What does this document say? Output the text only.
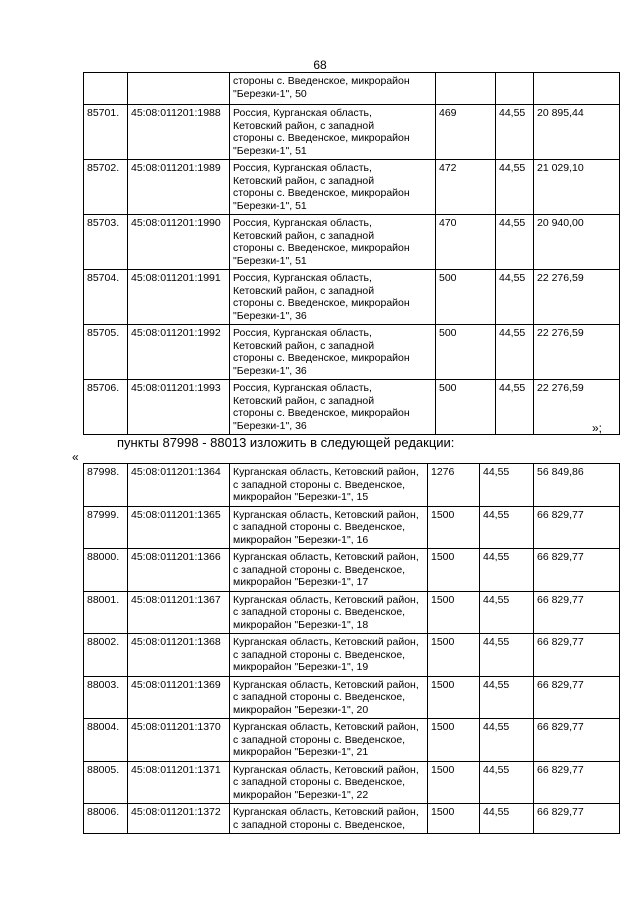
68
		стороны с. Введенское, микрорайон
"Березки-1", 50			
85701.	45:08:011201:1988	Россия, Курганская область,
Кетовский район, с западной
стороны с. Введенское, микрорайон
"Березки-1", 51	469	44,55	20 895,44
85702.	45:08:011201:1989	Россия, Курганская область,
Кетовский район, с западной
стороны с. Введенское, микрорайон
"Березки-1", 51	472	44,55	21 029,10
85703.	45:08:011201:1990	Россия, Курганская область,
Кетовский район, с западной
стороны с. Введенское, микрорайон
"Березки-1", 51	470	44,55	20 940,00
85704.	45:08:011201:1991	Россия, Курганская область,
Кетовский район, с западной
стороны с. Введенское, микрорайон
"Березки-1", 36	500	44,55	22 276,59
85705.	45:08:011201:1992	Россия, Курганская область,
Кетовский район, с западной
стороны с. Введенское, микрорайон
"Березки-1", 36	500	44,55	22 276,59
85706.	45:08:011201:1993	Россия, Курганская область,
Кетовский район, с западной
стороны с. Введенское, микрорайон
"Березки-1", 36	500	44,55	22 276,59
»;
пункты 87998 - 88013 изложить в следующей редакции:
«
87998.	45:08:011201:1364	Курганская область, Кетовский район,
с западной стороны с. Введенское,
микрорайон "Березки-1", 15	1276	44,55	56 849,86
87999.	45:08:011201:1365	Курганская область, Кетовский район,
с западной стороны с. Введенское,
микрорайон "Березки-1", 16	1500	44,55	66 829,77
88000.	45:08:011201:1366	Курганская область, Кетовский район,
с западной стороны с. Введенское,
микрорайон "Березки-1", 17	1500	44,55	66 829,77
88001.	45:08:011201:1367	Курганская область, Кетовский район,
с западной стороны с. Введенское,
микрорайон "Березки-1", 18	1500	44,55	66 829,77
88002.	45:08:011201:1368	Курганская область, Кетовский район,
с западной стороны с. Введенское,
микрорайон "Березки-1", 19	1500	44,55	66 829,77
88003.	45:08:011201:1369	Курганская область, Кетовский район,
с западной стороны с. Введенское,
микрорайон "Березки-1", 20	1500	44,55	66 829,77
88004.	45:08:011201:1370	Курганская область, Кетовский район,
с западной стороны с. Введенское,
микрорайон "Березки-1", 21	1500	44,55	66 829,77
88005.	45:08:011201:1371	Курганская область, Кетовский район,
с западной стороны с. Введенское,
микрорайон "Березки-1", 22	1500	44,55	66 829,77
88006.	45:08:011201:1372	Курганская область, Кетовский район,
с западной стороны с. Введенское,	1500	44,55	66 829,77
